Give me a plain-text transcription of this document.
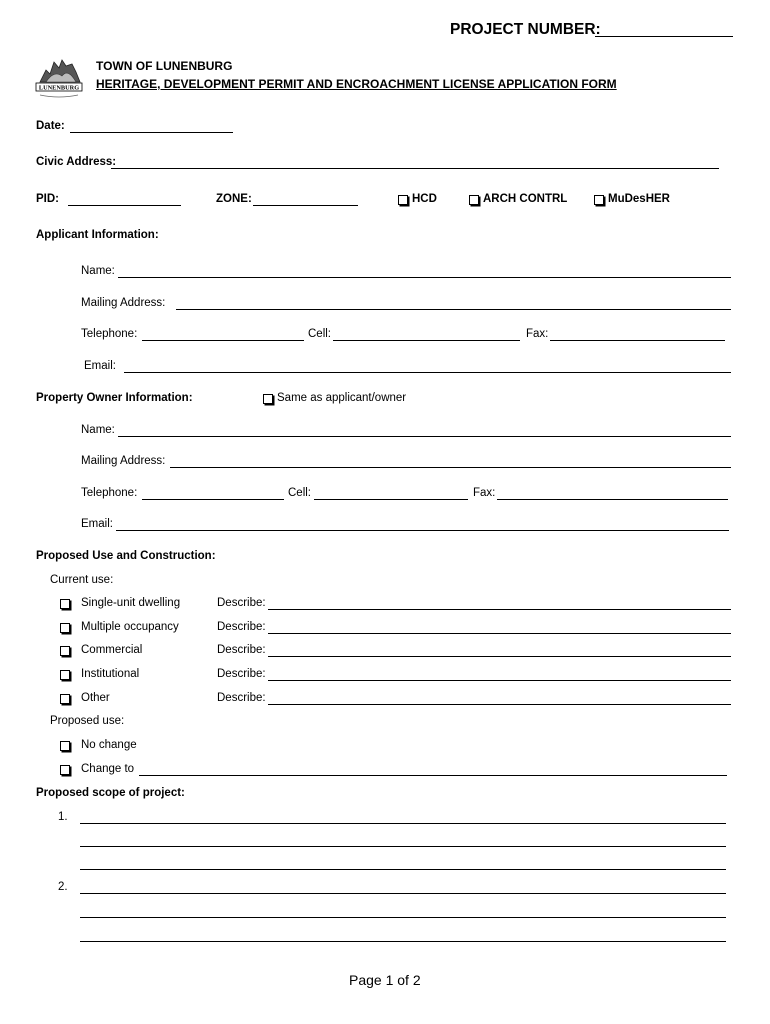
PROJECT NUMBER:
LUNENBURG
TOWN OF LUNENBURG
HERITAGE, DEVELOPMENT PERMIT AND ENCROACHMENT LICENSE APPLICATION FORM
Date:
Civic Address:
PID:	ZONE:	HCD	ARCH CONTRL	MuDesHER
Applicant Information:
Name:
Mailing Address:
Telephone:	Cell:	Fax:
Email:
Property Owner Information:	Same as applicant/owner
Name:
Mailing Address:
Telephone:	Cell:	Fax:
Email:
Proposed Use and Construction:
Current use:
Single-unit dwelling	Describe:
Multiple occupancy	Describe:
Commercial	Describe:
Institutional	Describe:
Other	Describe:
Proposed use:
No change
Change to
Proposed scope of project:
1.
2.
Page 1 of 2
